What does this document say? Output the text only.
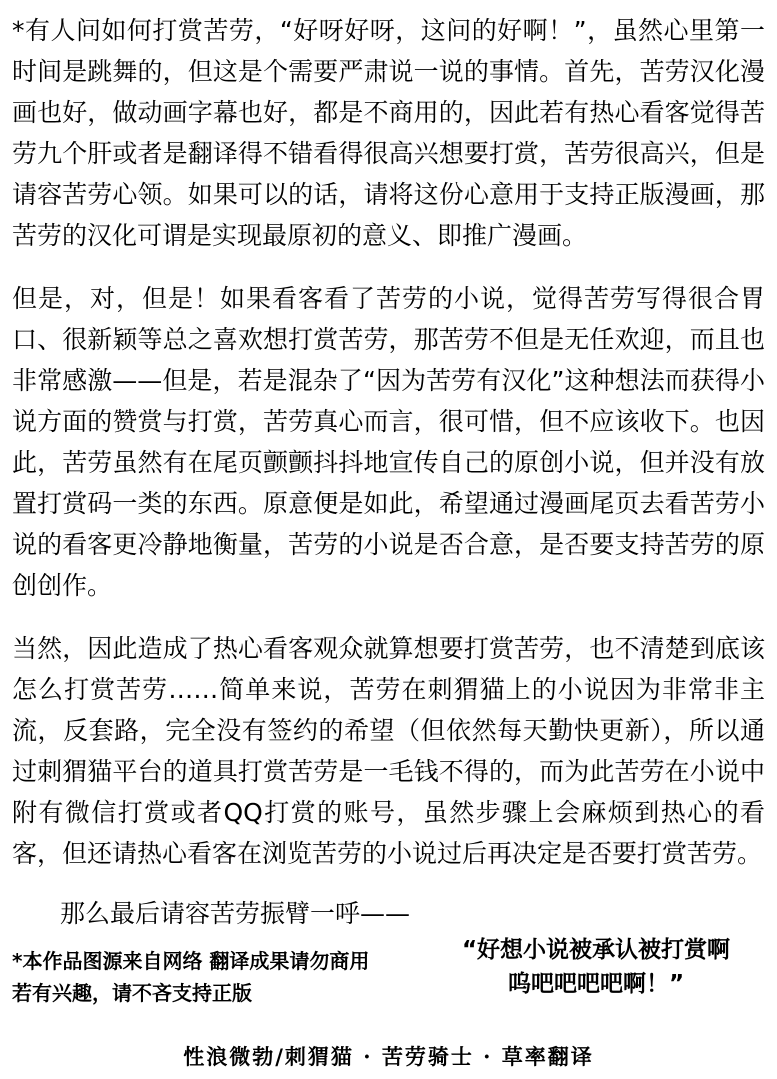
*有人问如何打赏苦劳，“好呀好呀，这问的好啊！”，虽然心里第一时间是跳舞的，但这是个需要严肃说一说的事情。首先，苦劳汉化漫画也好，做动画字幕也好，都是不商用的，因此若有热心看客觉得苦劳九个肝或者是翻译得不错看得很高兴想要打赏，苦劳很高兴，但是请容苦劳心领。如果可以的话，请将这份心意用于支持正版漫画，那苦劳的汉化可谓是实现最原初的意义、即推广漫画。

但是，对，但是！如果看客看了苦劳的小说，觉得苦劳写得很合胃口、很新颖等总之喜欢想打赏苦劳，那苦劳不但是无任欢迎，而且也非常感激——但是，若是混杂了“因为苦劳有汉化”这种想法而获得小说方面的赞赏与打赏，苦劳真心而言，很可惜，但不应该收下。也因此，苦劳虽然有在尾页颤颤抖抖地宣传自己的原创小说，但并没有放置打赏码一类的东西。原意便是如此，希望通过漫画尾页去看苦劳小说的看客更冷静地衡量，苦劳的小说是否合意，是否要支持苦劳的原创创作。

当然，因此造成了热心看客观众就算想要打赏苦劳，也不清楚到底该怎么打赏苦劳……简单来说，苦劳在刺猬猫上的小说因为非常非主流，反套路，完全没有签约的希望（但依然每天勤快更新），所以通过刺猬猫平台的道具打赏苦劳是一毛钱不得的，而为此苦劳在小说中附有微信打赏或者QQ打赏的账号，虽然步骤上会麻烦到热心的看客，但还请热心看客在浏览苦劳的小说过后再决定是否要打赏苦劳。

那么最后请容苦劳振臂一呼——

*本作品图源来自网络 翻译成果请勿商用

若有兴趣，请不吝支持正版

“好想小说被承认被打赏啊

呜吧吧吧吧啊！”

性浪微勃/刺猬猫 · 苦劳骑士 · 草率翻译
